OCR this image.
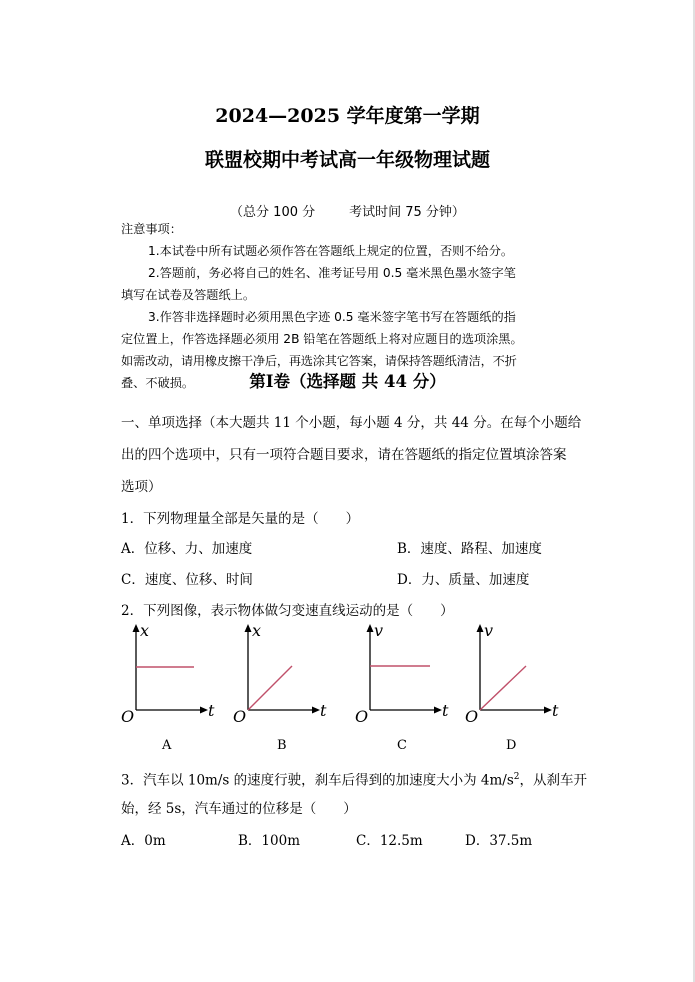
2024—2025 学年度第一学期
联盟校期中考试高一年级物理试题
（总分 100 分	考试时间 75 分钟）
注意事项：
1.本试卷中所有试题必须作答在答题纸上规定的位置，否则不给分。
2.答题前，务必将自己的姓名、准考证号用 0.5 毫米黑色墨水签字笔
填写在试卷及答题纸上。
3.作答非选择题时必须用黑色字迹 0.5 毫米签字笔书写在答题纸的指
定位置上，作答选择题必须用 2B 铅笔在答题纸上将对应题目的选项涂黑。
如需改动，请用橡皮擦干净后，再选涂其它答案，请保持答题纸清洁，不折
叠、不破损。	第Ⅰ卷（选择题 共 44 分）
一、单项选择（本大题共 11 个小题，每小题 4 分，共 44 分。在每个小题给
出的四个选项中，只有一项符合题目要求，请在答题纸的指定位置填涂答案
选项）
1．下列物理量全部是矢量的是（　　）
A．位移、力、加速度	B．速度、路程、加速度
C．速度、位移、时间	D．力、质量、加速度
2．下列图像，表示物体做匀变速直线运动的是（　　）
x
t
O
x
t
O
v
t
O
v
t
O
A	B	C	D
3．汽车以 10m/s 的速度行驶，刹车后得到的加速度大小为 $4m/s^2$，从刹车开
始，经 5s，汽车通过的位移是（　　）
A．0m	B．100m	C．12.5m	D．37.5m
